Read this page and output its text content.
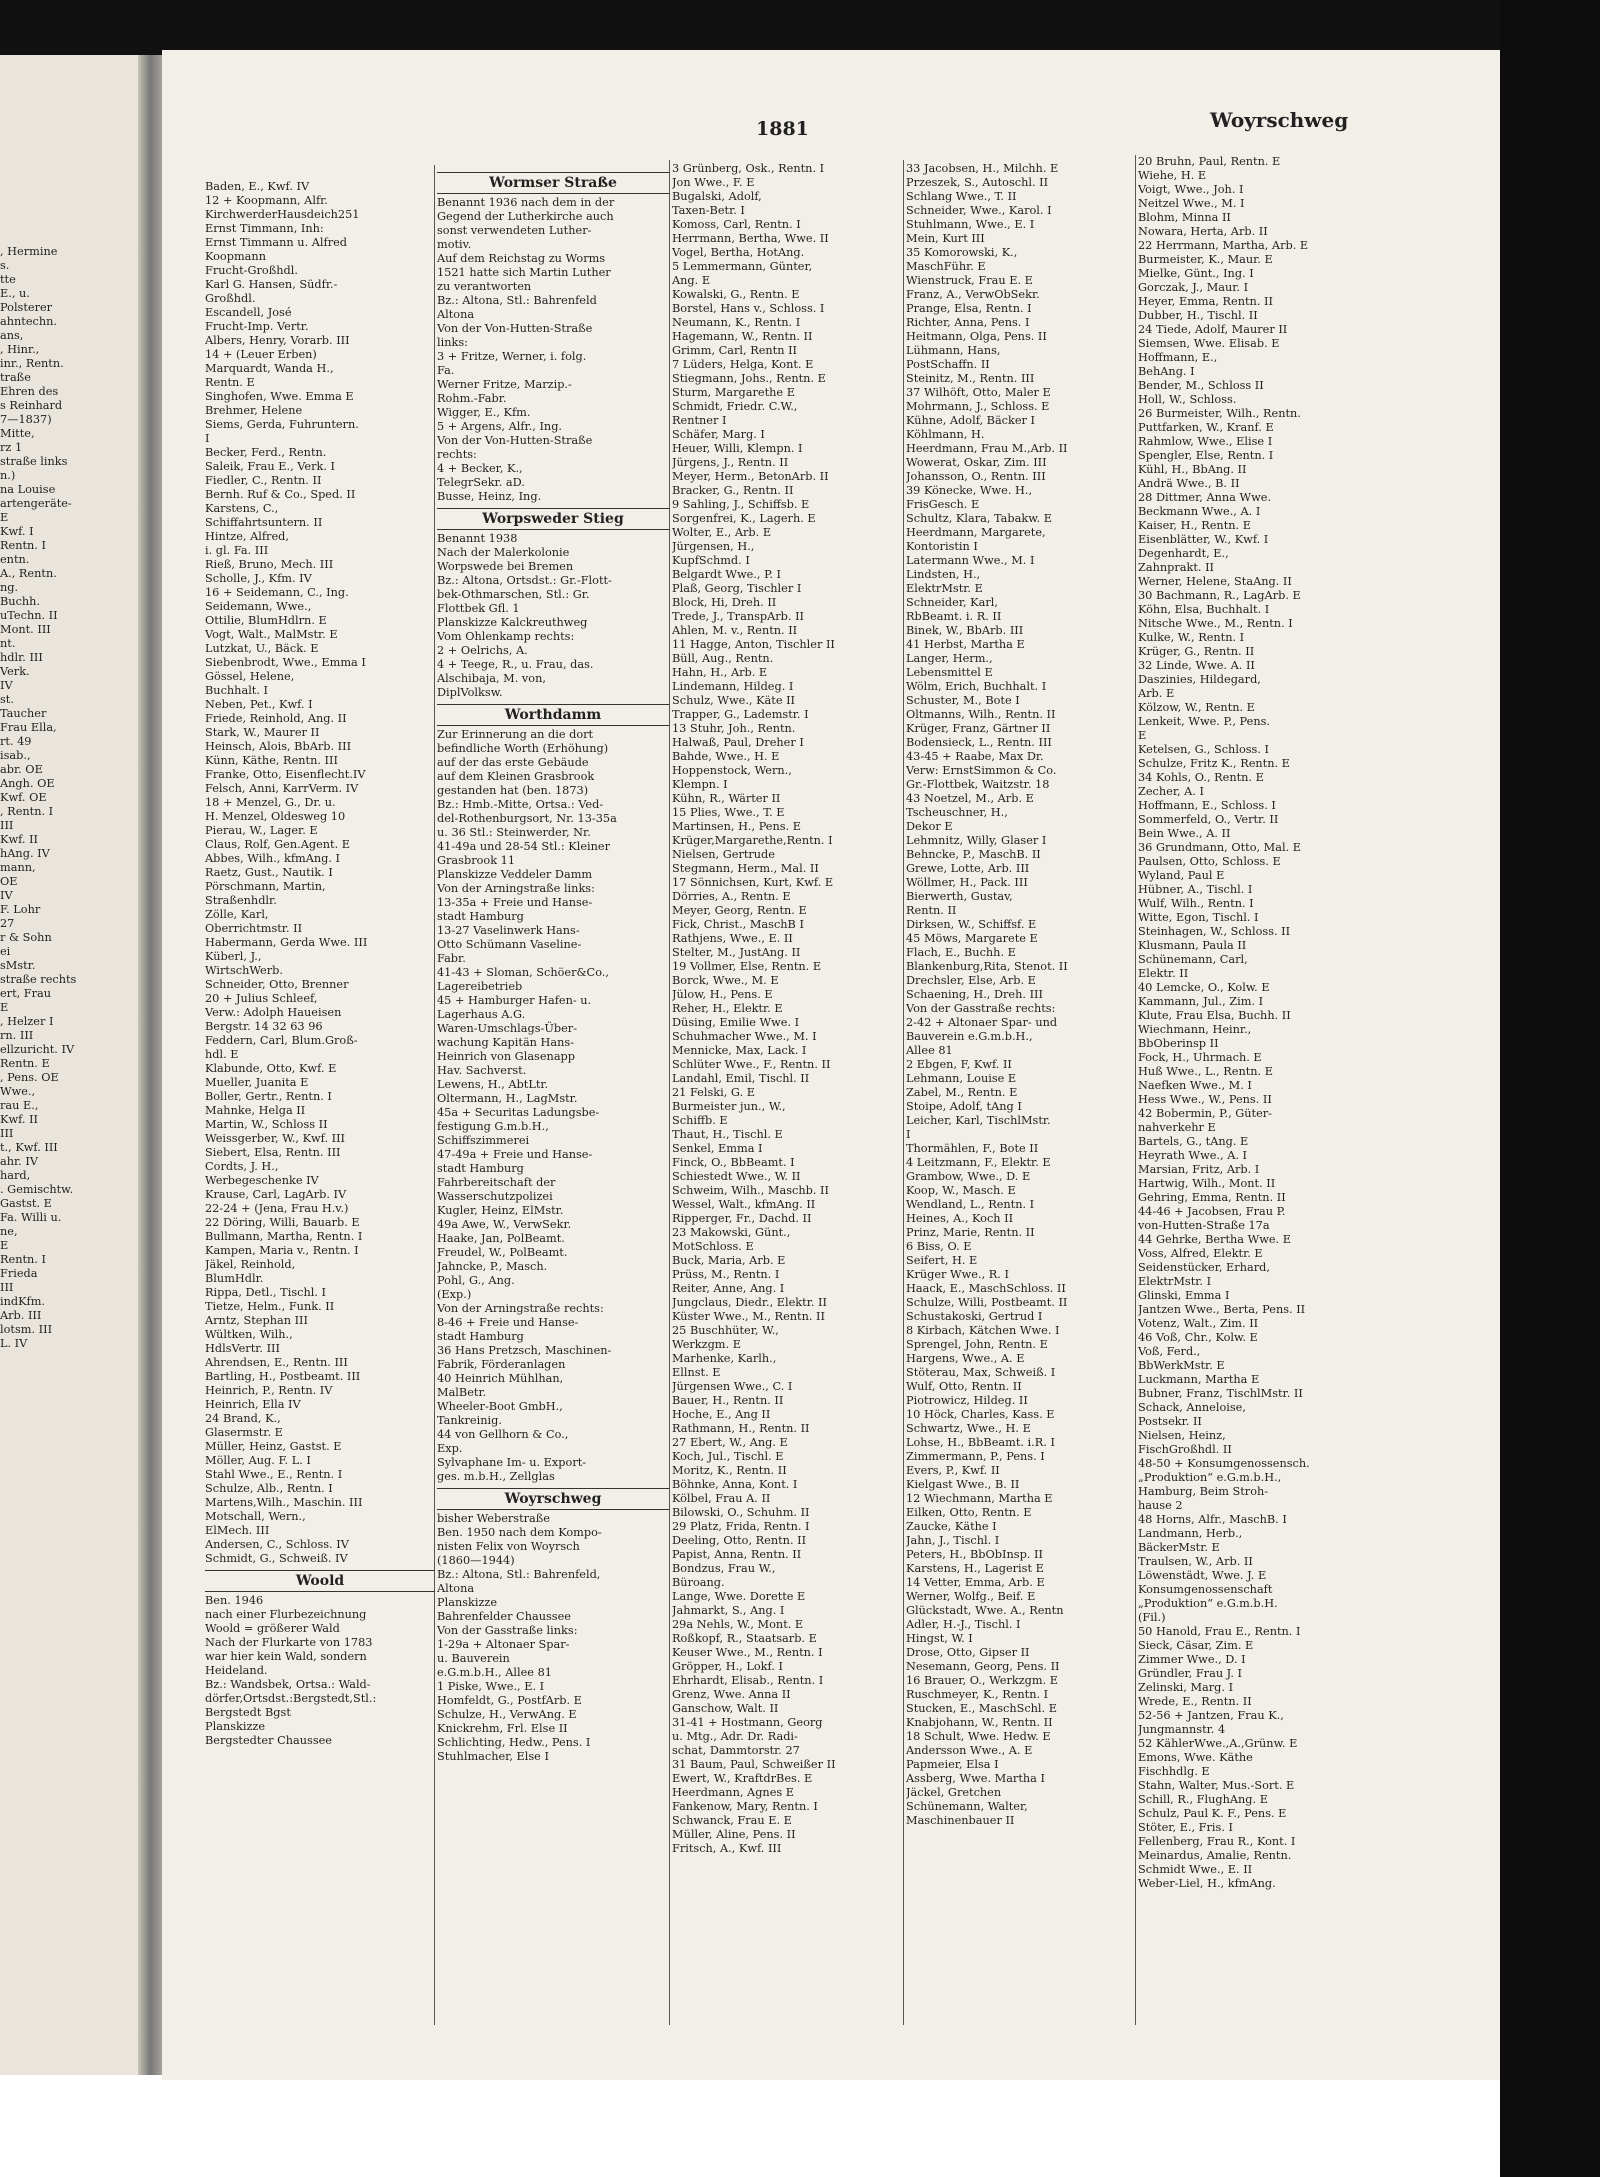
, Hermine
s.
tte
E., u.
Polsterer
ahntechn.
ans,
, Hinr.,
inr., Rentn.
traße
Ehren des
s Reinhard
7—1837)
Mitte,
rz 1
straße links
n.)
na Louise
artengeräte-
E
Kwf. I
Rentn. I
entn.
A., Rentn.
ng.
Buchh.
uTechn. II
Mont. III
nt.
hdlr. III
Verk.
IV
st.
Taucher
Frau Ella,
rt. 49
isab.,
abr. OE
Angh. OE
Kwf. OE
, Rentn. I
III
Kwf. II
hAng. IV
mann,
OE
IV
F. Lohr
27
r & Sohn
ei
sMstr.
straße rechts
ert, Frau
E
, Helzer I
rn. III
ellzuricht. IV
Rentn. E
, Pens. OE
Wwe.,
rau E.,
Kwf. II
III
t., Kwf. III
ahr. IV
hard,
. Gemischtw.
Gastst. E
Fa. Willi u.
ne,
E
Rentn. I
Frieda
III
indKfm.
Arb. III
lotsm. III
L. IV
1881	Woyrschweg
Baden, E., Kwf. IV
12 + Koopmann, Alfr.
KirchwerderHausdeich251
Ernst Timmann, Inh:
Ernst Timmann u. Alfred
Koopmann
Frucht-Großhdl.
Karl G. Hansen, Südfr.-
Großhdl.
Escandell, José
Frucht-Imp. Vertr.
Albers, Henry, Vorarb. III
14 + (Leuer Erben)
Marquardt, Wanda H.,
Rentn. E
Singhofen, Wwe. Emma E
Brehmer, Helene
Siems, Gerda, Fuhruntern.
I
Becker, Ferd., Rentn.
Saleik, Frau E., Verk. I
Fiedler, C., Rentn. II
Bernh. Ruf & Co., Sped. II
Karstens, C.,
Schiffahrtsuntern. II
Hintze, Alfred,
i. gl. Fa. III
Rieß, Bruno, Mech. III
Scholle, J., Kfm. IV
16 + Seidemann, C., Ing.
Seidemann, Wwe.,
Ottilie, BlumHdlrn. E
Vogt, Walt., MalMstr. E
Lutzkat, U., Bäck. E
Siebenbrodt, Wwe., Emma I
Gössel, Helene,
Buchhalt. I
Neben, Pet., Kwf. I
Friede, Reinhold, Ang. II
Stark, W., Maurer II
Heinsch, Alois, BbArb. III
Künn, Käthe, Rentn. III
Franke, Otto, Eisenflecht.IV
Felsch, Anni, KarrVerm. IV
18 + Menzel, G., Dr. u.
H. Menzel, Oldesweg 10
Pierau, W., Lager. E
Claus, Rolf, Gen.Agent. E
Abbes, Wilh., kfmAng. I
Raetz, Gust., Nautik. I
Pörschmann, Martin,
Straßenhdlr.
Zölle, Karl,
Oberrichtmstr. II
Habermann, Gerda Wwe. III
Küberl, J.,
WirtschWerb.
Schneider, Otto, Brenner
20 + Julius Schleef,
Verw.: Adolph Haueisen
Bergstr. 14 32 63 96
Feddern, Carl, Blum.Groß-
hdl. E
Klabunde, Otto, Kwf. E
Mueller, Juanita E
Boller, Gertr., Rentn. I
Mahnke, Helga II
Martin, W., Schloss II
Weissgerber, W., Kwf. III
Siebert, Elsa, Rentn. III
Cordts, J. H.,
Werbegeschenke IV
Krause, Carl, LagArb. IV
22-24 + (Jena, Frau H.v.)
22 Döring, Willi, Bauarb. E
Bullmann, Martha, Rentn. I
Kampen, Maria v., Rentn. I
Jäkel, Reinhold,
BlumHdlr.
Rippa, Detl., Tischl. I
Tietze, Helm., Funk. II
Arntz, Stephan III
Wültken, Wilh.,
HdlsVertr. III
Ahrendsen, E., Rentn. III
Bartling, H., Postbeamt. III
Heinrich, P., Rentn. IV
Heinrich, Ella IV
24 Brand, K.,
Glasermstr. E
Müller, Heinz, Gastst. E
Möller, Aug. F. L. I
Stahl Wwe., E., Rentn. I
Schulze, Alb., Rentn. I
Martens,Wilh., Maschin. III
Motschall, Wern.,
ElMech. III
Andersen, C., Schloss. IV
Schmidt, G., Schweiß. IV
Woold
Ben. 1946
nach einer Flurbezeichnung
Woold = größerer Wald
Nach der Flurkarte von 1783
war hier kein Wald, sondern
Heideland.
Bz.: Wandsbek, Ortsa.: Wald-
dörfer,Ortsdst.:Bergstedt,Stl.:
Bergstedt Bgst
Planskizze
Bergstedter Chaussee
Wormser Straße
Benannt 1936 nach dem in der
Gegend der Lutherkirche auch
sonst verwendeten Luther-
motiv.
Auf dem Reichstag zu Worms
1521 hatte sich Martin Luther
zu verantworten
Bz.: Altona, Stl.: Bahrenfeld
Altona
Von der Von-Hutten-Straße
links:
3 + Fritze, Werner, i. folg.
Fa.
Werner Fritze, Marzip.-
Rohm.-Fabr.
Wigger, E., Kfm.
5 + Argens, Alfr., Ing.
Von der Von-Hutten-Straße
rechts:
4 + Becker, K.,
TelegrSekr. aD.
Busse, Heinz, Ing.
Worpsweder Stieg
Benannt 1938
Nach der Malerkolonie
Worpswede bei Bremen
Bz.: Altona, Ortsdst.: Gr.-Flott-
bek-Othmarschen, Stl.: Gr.
Flottbek Gfl. 1
Planskizze Kalckreuthweg
Vom Ohlenkamp rechts:
2 + Oelrichs, A.
4 + Teege, R., u. Frau, das.
Alschibaja, M. von,
DiplVolksw.
Worthdamm
Zur Erinnerung an die dort
befindliche Worth (Erhöhung)
auf der das erste Gebäude
auf dem Kleinen Grasbrook
gestanden hat (ben. 1873)
Bz.: Hmb.-Mitte, Ortsa.: Ved-
del-Rothenburgsort, Nr. 13-35a
u. 36 Stl.: Steinwerder, Nr.
41-49a und 28-54 Stl.: Kleiner
Grasbrook 11
Planskizze Veddeler Damm
Von der Arningstraße links:
13-35a + Freie und Hanse-
stadt Hamburg
13-27 Vaselinwerk Hans-
Otto Schümann Vaseline-
Fabr.
41-43 + Sloman, Schöer&Co.,
Lagereibetrieb
45 + Hamburger Hafen- u.
Lagerhaus A.G.
Waren-Umschlags-Über-
wachung Kapitän Hans-
Heinrich von Glasenapp
Hav. Sachverst.
Lewens, H., AbtLtr.
Oltermann, H., LagMstr.
45a + Securitas Ladungsbe-
festigung G.m.b.H.,
Schiffszimmerei
47-49a + Freie und Hanse-
stadt Hamburg
Fahrbereitschaft der
Wasserschutzpolizei
Kugler, Heinz, ElMstr.
49a Awe, W., VerwSekr.
Haake, Jan, PolBeamt.
Freudel, W., PolBeamt.
Jahncke, P., Masch.
Pohl, G., Ang.
(Exp.)
Von der Arningstraße rechts:
8-46 + Freie und Hanse-
stadt Hamburg
36 Hans Pretzsch, Maschinen-
Fabrik, Förderanlagen
40 Heinrich Mühlhan,
MalBetr.
Wheeler-Boot GmbH.,
Tankreinig.
44 von Gellhorn & Co.,
Exp.
Sylvaphane Im- u. Export-
ges. m.b.H., Zellglas
Woyrschweg
bisher Weberstraße
Ben. 1950 nach dem Kompo-
nisten Felix von Woyrsch
(1860—1944)
Bz.: Altona, Stl.: Bahrenfeld,
Altona
Planskizze
Bahrenfelder Chaussee
Von der Gasstraße links:
1-29a + Altonaer Spar-
u. Bauverein
e.G.m.b.H., Allee 81
1 Piske, Wwe., E. I
Homfeldt, G., PostfArb. E
Schulze, H., VerwAng. E
Knickrehm, Frl. Else II
Schlichting, Hedw., Pens. I
Stuhlmacher, Else I
3 Grünberg, Osk., Rentn. I
Jon Wwe., F. E
Bugalski, Adolf,
Taxen-Betr. I
Komoss, Carl, Rentn. I
Herrmann, Bertha, Wwe. II
Vogel, Bertha, HotAng.
5 Lemmermann, Günter,
Ang. E
Kowalski, G., Rentn. E
Borstel, Hans v., Schloss. I
Neumann, K., Rentn. I
Hagemann, W., Rentn. II
Grimm, Carl, Rentn II
7 Lüders, Helga, Kont. E
Stiegmann, Johs., Rentn. E
Sturm, Margarethe E
Schmidt, Friedr. C.W.,
Rentner I
Schäfer, Marg. I
Heuer, Willi, Klempn. I
Jürgens, J., Rentn. II
Meyer, Herm., BetonArb. II
Bracker, G., Rentn. II
9 Sahling, J., Schiffsb. E
Sorgenfrei, K., Lagerh. E
Wolter, E., Arb. E
Jürgensen, H.,
KupfSchmd. I
Belgardt Wwe., P. I
Plaß, Georg, Tischler I
Block, Hi, Dreh. II
Trede, J., TranspArb. II
Ahlen, M. v., Rentn. II
11 Hagge, Anton, Tischler II
Büll, Aug., Rentn.
Hahn, H., Arb. E
Lindemann, Hildeg. I
Schulz, Wwe., Käte II
Trapper, G., Lademstr. I
13 Stuhr, Joh., Rentn.
Halwaß, Paul, Dreher I
Bahde, Wwe., H. E
Hoppenstock, Wern.,
Klempn. I
Kühn, R., Wärter II
15 Plies, Wwe., T. E
Martinsen, H., Pens. E
Krüger,Margarethe,Rentn. I
Nielsen, Gertrude
Stegmann, Herm., Mal. II
17 Sönnichsen, Kurt, Kwf. E
Dörries, A., Rentn. E
Meyer, Georg, Rentn. E
Fick, Christ., MaschB I
Rathjens, Wwe., E. II
Stelter, M., JustAng. II
19 Vollmer, Else, Rentn. E
Borck, Wwe., M. E
Jülow, H., Pens. E
Reher, H., Elektr. E
Düsing, Emilie Wwe. I
Schuhmacher Wwe., M. I
Mennicke, Max, Lack. I
Schlüter Wwe., F., Rentn. II
Landahl, Emil, Tischl. II
21 Felski, G. E
Burmeister jun., W.,
Schiffb. E
Thaut, H., Tischl. E
Senkel, Emma I
Finck, O., BbBeamt. I
Schiestedt Wwe., W. II
Schweim, Wilh., Maschb. II
Wessel, Walt., kfmAng. II
Ripperger, Fr., Dachd. II
23 Makowski, Günt.,
MotSchloss. E
Buck, Maria, Arb. E
Prüss, M., Rentn. I
Reiter, Anne, Ang. I
Jungclaus, Diedr., Elektr. II
Küster Wwe., M., Rentn. II
25 Buschhüter, W.,
Werkzgm. E
Marhenke, Karlh.,
Ellnst. E
Jürgensen Wwe., C. I
Bauer, H., Rentn. II
Hoche, E., Ang II
Rathmann, H., Rentn. II
27 Ebert, W., Ang. E
Koch, Jul., Tischl. E
Moritz, K., Rentn. II
Böhnke, Anna, Kont. I
Kölbel, Frau A. II
Bilowski, O., Schuhm. II
29 Platz, Frida, Rentn. I
Deeling, Otto, Rentn. II
Papist, Anna, Rentn. II
Bondzus, Frau W.,
Büroang.
Lange, Wwe. Dorette E
Jahmarkt, S., Ang. I
29a Nehls, W., Mont. E
Roßkopf, R., Staatsarb. E
Keuser Wwe., M., Rentn. I
Gröpper, H., Lokf. I
Ehrhardt, Elisab., Rentn. I
Grenz, Wwe. Anna II
Ganschow, Walt. II
31-41 + Hostmann, Georg
u. Mtg., Adr. Dr. Radi-
schat, Dammtorstr. 27
31 Baum, Paul, Schweißer II
Ewert, W., KraftdrBes. E
Heerdmann, Agnes E
Fankenow, Mary, Rentn. I
Schwanck, Frau E. E
Müller, Aline, Pens. II
Fritsch, A., Kwf. III
33 Jacobsen, H., Milchh. E
Przeszek, S., Autoschl. II
Schlang Wwe., T. II
Schneider, Wwe., Karol. I
Stuhlmann, Wwe., E. I
Mein, Kurt III
35 Komorowski, K.,
MaschFühr. E
Wienstruck, Frau E. E
Franz, A., VerwObSekr.
Prange, Elsa, Rentn. I
Richter, Anna, Pens. I
Heitmann, Olga, Pens. II
Lühmann, Hans,
PostSchaffn. II
Steinitz, M., Rentn. III
37 Wilhöft, Otto, Maler E
Mohrmann, J., Schloss. E
Kühne, Adolf, Bäcker I
Köhlmann, H.
Heerdmann, Frau M.,Arb. II
Wowerat, Oskar, Zim. III
Johansson, O., Rentn. III
39 Könecke, Wwe. H.,
FrisGesch. E
Schultz, Klara, Tabakw. E
Heerdmann, Margarete,
Kontoristin I
Latermann Wwe., M. I
Lindsten, H.,
ElektrMstr. E
Schneider, Karl,
RbBeamt. i. R. II
Binek, W., BbArb. III
41 Herbst, Martha E
Langer, Herm.,
Lebensmittel E
Wölm, Erich, Buchhalt. I
Schuster, M., Bote I
Oltmanns, Wilh., Rentn. II
Krüger, Franz, Gärtner II
Bodensieck, L., Rentn. III
43-45 + Raabe, Max Dr.
Verw: ErnstSimmon & Co.
Gr.-Flottbek, Waitzstr. 18
43 Noetzel, M., Arb. E
Tscheuschner, H.,
Dekor E
Lehmnitz, Willy, Glaser I
Behncke, P., MaschB. II
Grewe, Lotte, Arb. III
Wöllmer, H., Pack. III
Bierwerth, Gustav,
Rentn. II
Dirksen, W., Schiffsf. E
45 Möws, Margarete E
Flach, E., Buchh. E
Blankenburg,Rita, Stenot. II
Drechsler, Else, Arb. E
Schaening, H., Dreh. III
Von der Gasstraße rechts:
2-42 + Altonaer Spar- und
Bauverein e.G.m.b.H.,
Allee 81
2 Ebgen, F, Kwf. II
Lehmann, Louise E
Zabel, M., Rentn. E
Stoipe, Adolf, tAng I
Leicher, Karl, TischlMstr.
I
Thormählen, F., Bote II
4 Leitzmann, F., Elektr. E
Grambow, Wwe., D. E
Koop, W., Masch. E
Wendland, L., Rentn. I
Heines, A., Koch II
Prinz, Marie, Rentn. II
6 Biss, O. E
Seifert, H. E
Krüger Wwe., R. I
Haack, E., MaschSchloss. II
Schulze, Willi, Postbeamt. II
Schustakoski, Gertrud I
8 Kirbach, Kätchen Wwe. I
Sprengel, John, Rentn. E
Hargens, Wwe., A. E
Stöterau, Max, Schweiß. I
Wulf, Otto, Rentn. II
Piotrowicz, Hildeg. II
10 Höck, Charles, Kass. E
Schwartz, Wwe., H. E
Lohse, H., BbBeamt. i.R. I
Zimmermann, P., Pens. I
Evers, P., Kwf. II
Kielgast Wwe., B. II
12 Wiechmann, Martha E
Eilken, Otto, Rentn. E
Zaucke, Käthe I
Jahn, J., Tischl. I
Peters, H., BbObInsp. II
Karstens, H., Lagerist E
14 Vetter, Emma, Arb. E
Werner, Wolfg., Beif. E
Glückstadt, Wwe. A., Rentn
Adler, H.-J., Tischl. I
Hingst, W. I
Drose, Otto, Gipser II
Nesemann, Georg, Pens. II
16 Brauer, O., Werkzgm. E
Ruschmeyer, K., Rentn. I
Stucken, E., MaschSchl. E
Knabjohann, W., Rentn. II
18 Schult, Wwe. Hedw. E
Andersson Wwe., A. E
Papmeier, Elsa I
Assberg, Wwe. Martha I
Jäckel, Gretchen
Schünemann, Walter,
Maschinenbauer II
20 Bruhn, Paul, Rentn. E
Wiehe, H. E
Voigt, Wwe., Joh. I
Neitzel Wwe., M. I
Blohm, Minna II
Nowara, Herta, Arb. II
22 Herrmann, Martha, Arb. E
Burmeister, K., Maur. E
Mielke, Günt., Ing. I
Gorczak, J., Maur. I
Heyer, Emma, Rentn. II
Dubber, H., Tischl. II
24 Tiede, Adolf, Maurer II
Siemsen, Wwe. Elisab. E
Hoffmann, E.,
BehAng. I
Bender, M., Schloss II
Holl, W., Schloss.
26 Burmeister, Wilh., Rentn.
Puttfarken, W., Kranf. E
Rahmlow, Wwe., Elise I
Spengler, Else, Rentn. I
Kühl, H., BbAng. II
Andrä Wwe., B. II
28 Dittmer, Anna Wwe.
Beckmann Wwe., A. I
Kaiser, H., Rentn. E
Eisenblätter, W., Kwf. I
Degenhardt, E.,
Zahnprakt. II
Werner, Helene, StaAng. II
30 Bachmann, R., LagArb. E
Köhn, Elsa, Buchhalt. I
Nitsche Wwe., M., Rentn. I
Kulke, W., Rentn. I
Krüger, G., Rentn. II
32 Linde, Wwe. A. II
Daszinies, Hildegard,
Arb. E
Kölzow, W., Rentn. E
Lenkeit, Wwe. P., Pens.
E
Ketelsen, G., Schloss. I
Schulze, Fritz K., Rentn. E
34 Kohls, O., Rentn. E
Zecher, A. I
Hoffmann, E., Schloss. I
Sommerfeld, O., Vertr. II
Bein Wwe., A. II
36 Grundmann, Otto, Mal. E
Paulsen, Otto, Schloss. E
Wyland, Paul E
Hübner, A., Tischl. I
Wulf, Wilh., Rentn. I
Witte, Egon, Tischl. I
Steinhagen, W., Schloss. II
Klusmann, Paula II
Schünemann, Carl,
Elektr. II
40 Lemcke, O., Kolw. E
Kammann, Jul., Zim. I
Klute, Frau Elsa, Buchh. II
Wiechmann, Heinr.,
BbOberinsp II
Fock, H., Uhrmach. E
Huß Wwe., L., Rentn. E
Naefken Wwe., M. I
Hess Wwe., W., Pens. II
42 Bobermin, P., Güter-
nahverkehr E
Bartels, G., tAng. E
Heyrath Wwe., A. I
Marsian, Fritz, Arb. I
Hartwig, Wilh., Mont. II
Gehring, Emma, Rentn. II
44-46 + Jacobsen, Frau P.
von-Hutten-Straße 17a
44 Gehrke, Bertha Wwe. E
Voss, Alfred, Elektr. E
Seidenstücker, Erhard,
ElektrMstr. I
Glinski, Emma I
Jantzen Wwe., Berta, Pens. II
Votenz, Walt., Zim. II
46 Voß, Chr., Kolw. E
Voß, Ferd.,
BbWerkMstr. E
Luckmann, Martha E
Bubner, Franz, TischlMstr. II
Schack, Anneloise,
Postsekr. II
Nielsen, Heinz,
FischGroßhdl. II
48-50 + Konsumgenossensch.
„Produktion“ e.G.m.b.H.,
Hamburg, Beim Stroh-
hause 2
48 Horns, Alfr., MaschB. I
Landmann, Herb.,
BäckerMstr. E
Traulsen, W., Arb. II
Löwenstädt, Wwe. J. E
Konsumgenossenschaft
„Produktion“ e.G.m.b.H.
(Fil.)
50 Hanold, Frau E., Rentn. I
Sieck, Cäsar, Zim. E
Zimmer Wwe., D. I
Gründler, Frau J. I
Zelinski, Marg. I
Wrede, E., Rentn. II
52-56 + Jantzen, Frau K.,
Jungmannstr. 4
52 KählerWwe.,A.,Grünw. E
Emons, Wwe. Käthe
Fischhdlg. E
Stahn, Walter, Mus.-Sort. E
Schill, R., FlughAng. E
Schulz, Paul K. F., Pens. E
Stöter, E., Fris. I
Fellenberg, Frau R., Kont. I
Meinardus, Amalie, Rentn.
Schmidt Wwe., E. II
Weber-Liel, H., kfmAng.
